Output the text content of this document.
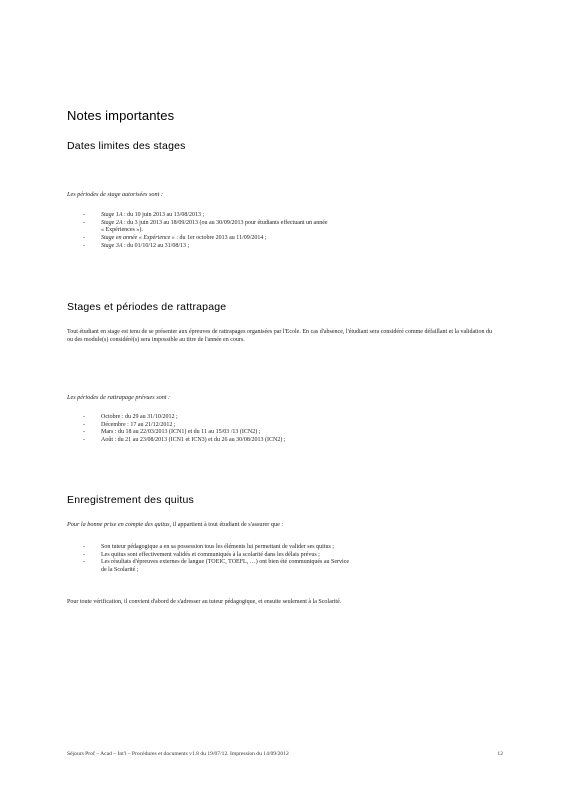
Notes importantes
Dates limites des stages
Les périodes de stage autorisées sont :
-	Stage 1A : du 10 juin 2013 au 13/08/2013 ;
-	Stage 2A : du 3 juin 2013 au 18/09/2013 (ou au 30/09/2013 pour étudiants effectuant un année
« Expériences »).
-	Stage en année « Expérience » : du 1er octobre 2013 au 11/09/2014 ;
-	Stage 3A : du 01/10/12 au 31/08/13 ;
Stages et périodes de rattrapage
Tout étudiant en stage est tenu de se présenter aux épreuves de rattrapages organisées par l'Ecole. En cas d'absence, l'étudiant sera considéré comme défaillant et la validation du ou des module(s) considéré(s) sera impossible au titre de l'année en cours.
Les périodes de rattrapage prévues sont :
-	Octobre : du 29 au 31/10/2012 ;
-	Décembre : 17 au 21/12/2012 ;
-	Mars : du 18 au 22/03/2013 (ICN1) et du 11 au 15/03 /13 (ICN2) ;
-	Août : du 21 au 23/08/2013 (ICN1 et ICN3) et du 26 au 30/08/2013 (ICN2) ;
Enregistrement des quitus
Pour la bonne prise en compte des quitus, il appartient à tout étudiant de s'assurer que :
-	Son tuteur pédagogique a en sa possession tous les éléments lui permettant de valider ses quitus ;
-	Les quitus sont effectivement validés et communiqués à la scolarité dans les délais prévus ;
-	Les résultats d'épreuves externes de langue (TOEIC, TOEFL, …) ont bien été communiqués au Service
de la Scolarité ;
Pour toute vérification, il convient d'abord de s'adresser au tuteur pédagogique, et ensuite seulement à la Scolarité.
Séjours Prof – Acad – Int'l – Procédures et documents v1.8 du 19/07/12. Impression du 14/09/2012	12
